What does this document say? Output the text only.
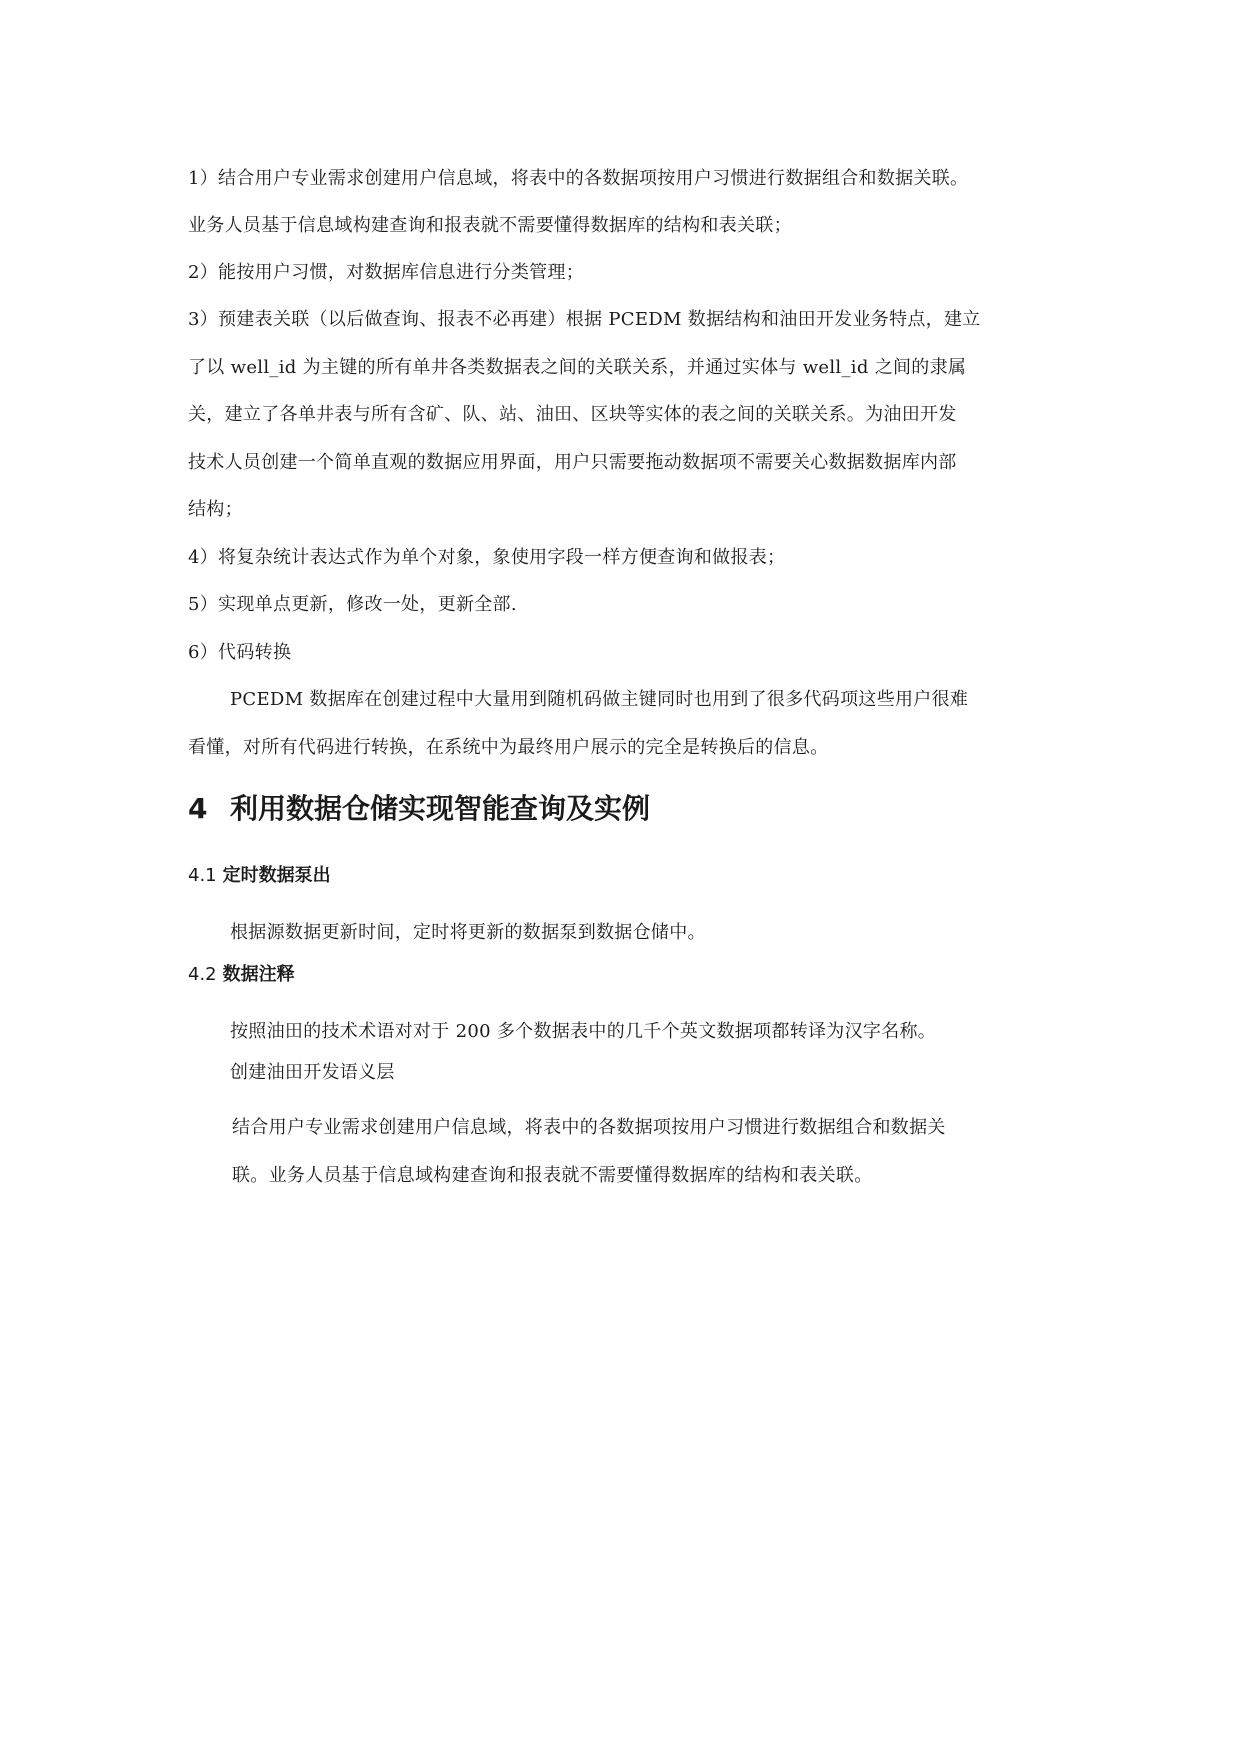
1）结合用户专业需求创建用户信息域，将表中的各数据项按用户习惯进行数据组合和数据关联。
业务人员基于信息域构建查询和报表就不需要懂得数据库的结构和表关联；
2）能按用户习惯，对数据库信息进行分类管理；
3）预建表关联（以后做查询、报表不必再建）根据 PCEDM 数据结构和油田开发业务特点，建立
了以 well_id 为主键的所有单井各类数据表之间的关联关系，并通过实体与 well_id 之间的隶属
关，建立了各单井表与所有含矿、队、站、油田、区块等实体的表之间的关联关系。为油田开发
技术人员创建一个简单直观的数据应用界面，用户只需要拖动数据项不需要关心数据数据库内部
结构；
4）将复杂统计表达式作为单个对象，象使用字段一样方便查询和做报表；
5）实现单点更新，修改一处，更新全部.
6）代码转换
PCEDM 数据库在创建过程中大量用到随机码做主键同时也用到了很多代码项这些用户很难
看懂，对所有代码进行转换，在系统中为最终用户展示的完全是转换后的信息。
4 利用数据仓储实现智能查询及实例
4.1 定时数据泵出
根据源数据更新时间，定时将更新的数据泵到数据仓储中。
4.2 数据注释
按照油田的技术术语对对于 200 多个数据表中的几千个英文数据项都转译为汉字名称。
创建油田开发语义层
结合用户专业需求创建用户信息域，将表中的各数据项按用户习惯进行数据组合和数据关
联。业务人员基于信息域构建查询和报表就不需要懂得数据库的结构和表关联。
